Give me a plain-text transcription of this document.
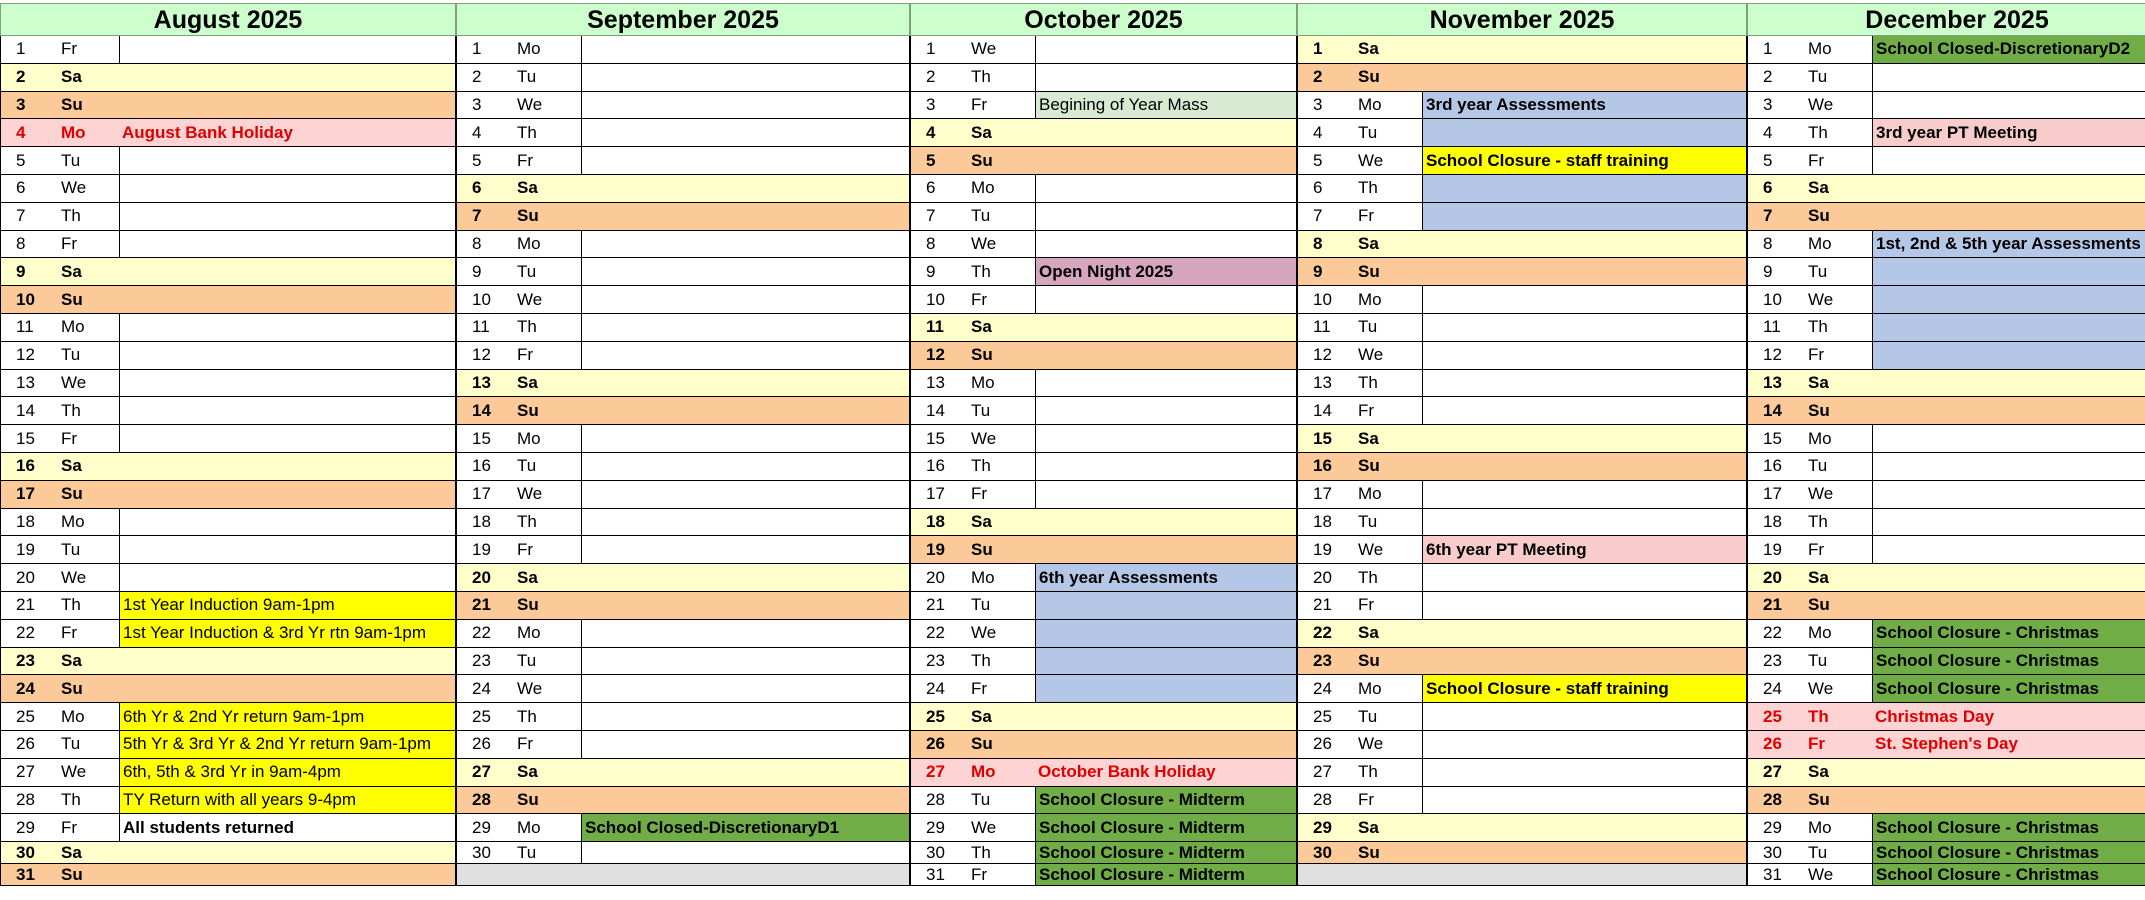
August 2025
1 Fr
2 Sa
3 Su
4 Mo August Bank Holiday
5 Tu
6 We
7 Th
8 Fr
9 Sa
10 Su
11 Mo
12 Tu
13 We
14 Th
15 Fr
16 Sa
17 Su
18 Mo
19 Tu
20 We
21 Th 1st Year Induction 9am-1pm
22 Fr	1st Year Induction & 3rd Yr rtn 9am-1pm
23 Sa
24 Su
25 Mo 6th Yr & 2nd Yr return 9am-1pm
26 Tu	5th Yr & 3rd Yr & 2nd Yr return 9am-1pm
27 We 6th, 5th & 3rd Yr in 9am-4pm
28 Th TY Return with all years 9-4pm
29 Fr	All students returned
30 Sa
31 Su
September 2025
1 Mo
2 Tu
3 We
4 Th
5 Fr
6 Sa
7 Su
8 Mo
9 Tu
10 We
11 Th
12 Fr
13 Sa
14 Su
15 Mo
16 Tu
17 We
18 Th
19 Fr
20 Sa
21 Su
22 Mo
23 Tu
24 We
25 Th
26 Fr
27 Sa
28 Su
29 Mo	School Closed-DiscretionaryD1
30 Tu
October 2025
1 We
2 Th
3 Fr	Begining of Year Mass
4 Sa
5 Su
6 Mo
7 Tu
8 We
9 Th	Open Night 2025
10 Fr
11 Sa
12 Su
13 Mo
14 Tu
15 We
16 Th
17 Fr
18 Sa
19 Su
20 Mo	6th year Assessments
21 Tu
22 We
23 Th
24 Fr
25 Sa
26 Su
27 Mo October Bank Holiday
28 Tu	School Closure - Midterm
29 We	School Closure - Midterm
30 Th	School Closure - Midterm
31 Fr	School Closure - Midterm
November 2025
1 Sa
2 Su
3 Mo	3rd year Assessments
4 Tu
5 We	School Closure - staff training
6 Th
7 Fr
8 Sa
9 Su
10 Mo
11 Tu
12 We
13 Th
14 Fr
15 Sa
16 Su
17 Mo
18 Tu
19 We	6th year PT Meeting
20 Th
21 Fr
22 Sa
23 Su
24 Mo	School Closure - staff training
25 Tu
26 We
27 Th
28 Fr
29 Sa
30 Su
December 2025
1 Mo	School Closed-DiscretionaryD2
2 Tu
3 We
4 Th	3rd year PT Meeting
5 Fr
6 Sa
7 Su
8 Mo	1st, 2nd & 5th year Assessments
9 Tu
10 We
11 Th
12 Fr
13 Sa
14 Su
15 Mo
16 Tu
17 We
18 Th
19 Fr
20 Sa
21 Su
22 Mo	School Closure - Christmas
23 Tu	School Closure - Christmas
24 We	School Closure - Christmas
25 Th	Christmas Day
26 Fr	St. Stephen's Day
27 Sa
28 Su
29 Mo	School Closure - Christmas
30 Tu	School Closure - Christmas
31 We	School Closure - Christmas
